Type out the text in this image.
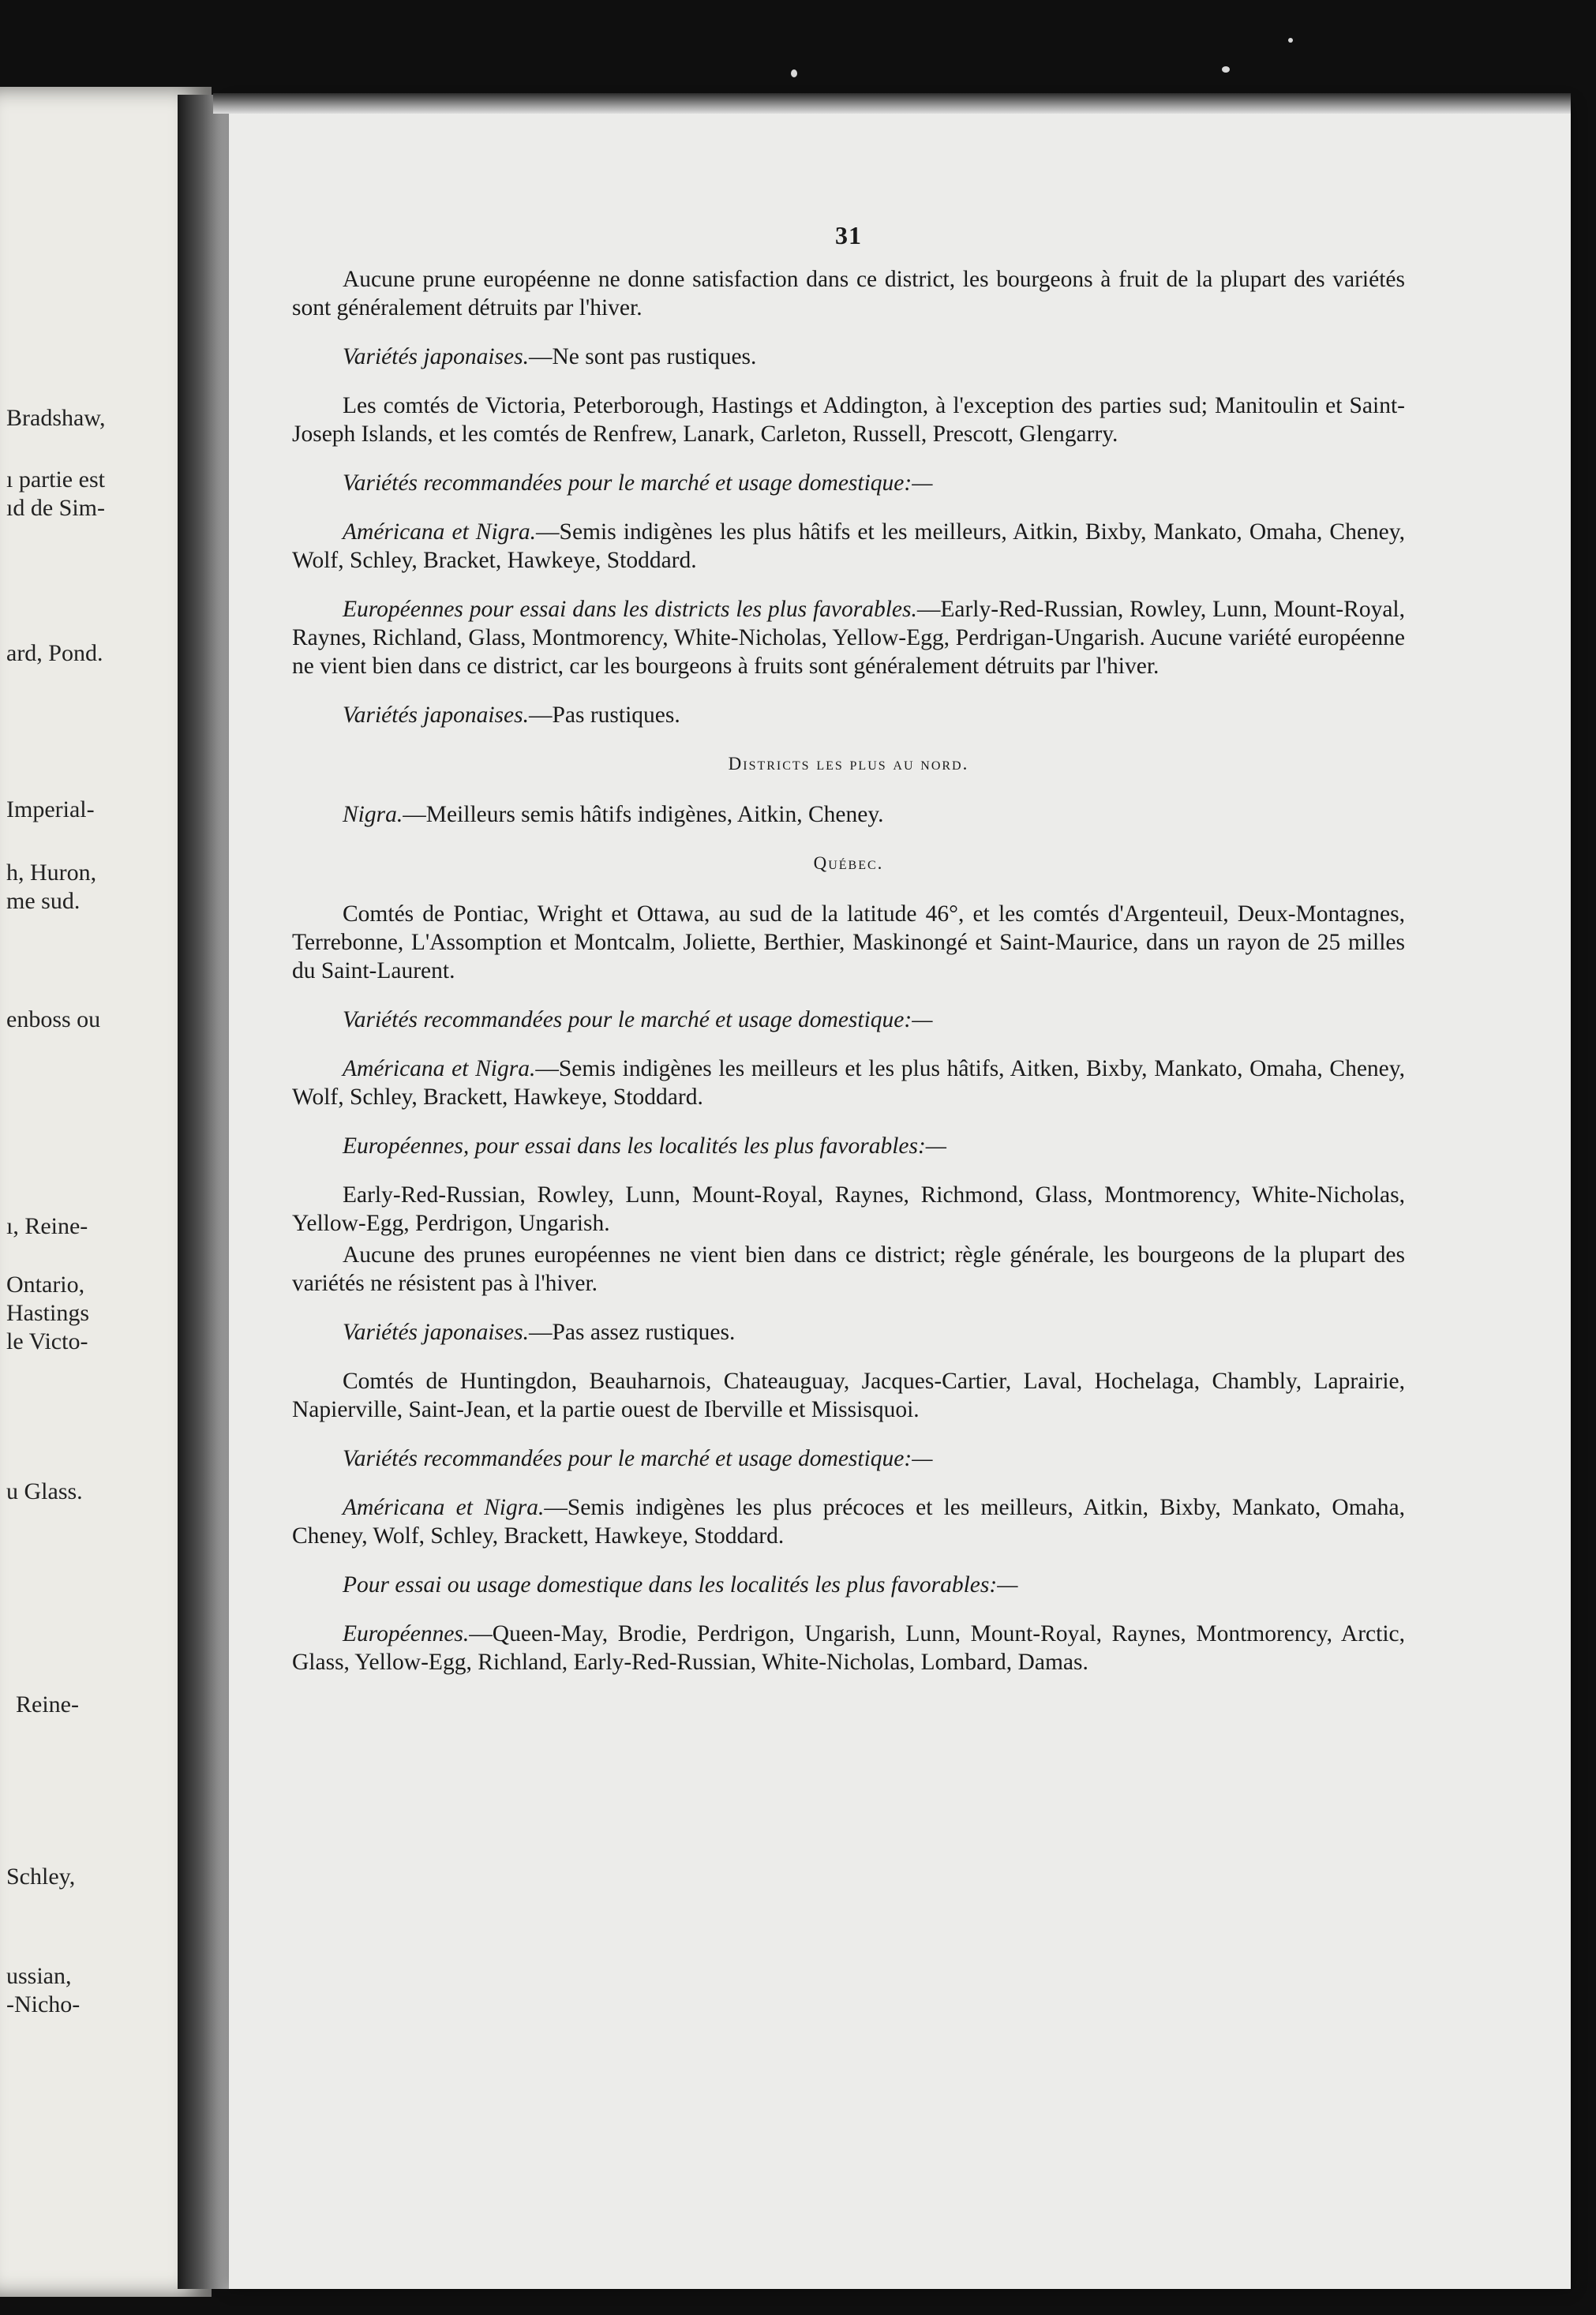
Bradshaw,
ı partie est
ıd de Sim-
ard, Pond.
Imperial-
h, Huron,
me sud.
enboss ou
ı, Reine-
Ontario,
Hastings
le Victo-
u Glass.
Reine-
Schley,
ussian,
-Nicho-
31

Aucune prune européenne ne donne satisfaction dans ce district, les bourgeons à fruit de la plupart des variétés sont généralement détruits par l'hiver.

Variétés japonaises.—Ne sont pas rustiques.

Les comtés de Victoria, Peterborough, Hastings et Addington, à l'exception des parties sud; Manitoulin et Saint-Joseph Islands, et les comtés de Renfrew, Lanark, Carleton, Russell, Prescott, Glengarry.

Variétés recommandées pour le marché et usage domestique:—

Américana et Nigra.—Semis indigènes les plus hâtifs et les meilleurs, Aitkin, Bixby, Mankato, Omaha, Cheney, Wolf, Schley, Bracket, Hawkeye, Stoddard.

Européennes pour essai dans les districts les plus favorables.—Early-Red-Russian, Rowley, Lunn, Mount-Royal, Raynes, Richland, Glass, Montmorency, White-Nicholas, Yellow-Egg, Perdrigan-Ungarish. Aucune variété européenne ne vient bien dans ce district, car les bourgeons à fruits sont généralement détruits par l'hiver.

Variétés japonaises.—Pas rustiques.

Districts les plus au nord.

Nigra.—Meilleurs semis hâtifs indigènes, Aitkin, Cheney.

Québec.

Comtés de Pontiac, Wright et Ottawa, au sud de la latitude 46°, et les comtés d'Argenteuil, Deux-Montagnes, Terrebonne, L'Assomption et Montcalm, Joliette, Berthier, Maskinongé et Saint-Maurice, dans un rayon de 25 milles du Saint-Laurent.

Variétés recommandées pour le marché et usage domestique:—

Américana et Nigra.—Semis indigènes les meilleurs et les plus hâtifs, Aitken, Bixby, Mankato, Omaha, Cheney, Wolf, Schley, Brackett, Hawkeye, Stoddard.

Européennes, pour essai dans les localités les plus favorables:—

Early-Red-Russian, Rowley, Lunn, Mount-Royal, Raynes, Richmond, Glass, Montmorency, White-Nicholas, Yellow-Egg, Perdrigon, Ungarish.

Aucune des prunes européennes ne vient bien dans ce district; règle générale, les bourgeons de la plupart des variétés ne résistent pas à l'hiver.

Variétés japonaises.—Pas assez rustiques.

Comtés de Huntingdon, Beauharnois, Chateauguay, Jacques-Cartier, Laval, Hochelaga, Chambly, Laprairie, Napierville, Saint-Jean, et la partie ouest de Iberville et Missisquoi.

Variétés recommandées pour le marché et usage domestique:—

Américana et Nigra.—Semis indigènes les plus précoces et les meilleurs, Aitkin, Bixby, Mankato, Omaha, Cheney, Wolf, Schley, Brackett, Hawkeye, Stoddard.

Pour essai ou usage domestique dans les localités les plus favorables:—

Européennes.—Queen-May, Brodie, Perdrigon, Ungarish, Lunn, Mount-Royal, Raynes, Montmorency, Arctic, Glass, Yellow-Egg, Richland, Early-Red-Russian, White-Nicholas, Lombard, Damas.
